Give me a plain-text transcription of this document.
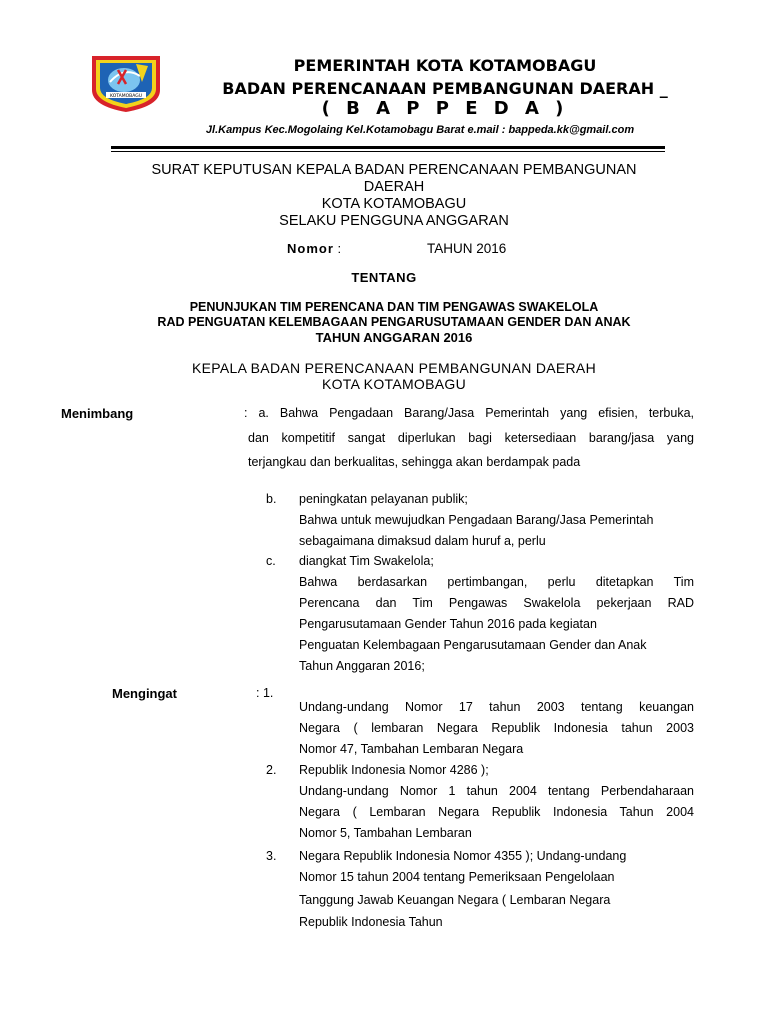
KOTAMOBAGU
PEMERINTAH KOTA KOTAMOBAGU
BADAN PERENCANAAN PEMBANGUNAN DAERAH _
( B A P P E D A )
Jl.Kampus Kec.Mogolaing Kel.Kotamobagu Barat e.mail : bappeda.kk@gmail.com
SURAT KEPUTUSAN KEPALA BADAN PERENCANAAN PEMBANGUNAN
DAERAH
KOTA KOTAMOBAGU
SELAKU PENGGUNA ANGGARAN
Nomor :	TAHUN 2016
TENTANG
PENUNJUKAN TIM PERENCANA DAN TIM PENGAWAS SWAKELOLA
RAD PENGUATAN KELEMBAGAAN PENGARUSUTAMAAN GENDER DAN ANAK
TAHUN ANGGARAN 2016
KEPALA BADAN PERENCANAAN PEMBANGUNAN DAERAH
KOTA KOTAMOBAGU
Menimbang	: a. Bahwa Pengadaan Barang/Jasa Pemerintah yang efisien, terbuka,
dan kompetitif sangat diperlukan bagi ketersediaan barang/jasa yang
terjangkau dan berkualitas, sehingga akan berdampak pada
b. peningkatan pelayanan publik;
Bahwa untuk mewujudkan Pengadaan Barang/Jasa Pemerintah
sebagaimana dimaksud dalam huruf a, perlu
c. diangkat Tim Swakelola;
Bahwa berdasarkan pertimbangan, perlu ditetapkan Tim
Perencana dan Tim Pengawas Swakelola pekerjaan RAD
Pengarusutamaan Gender Tahun 2016 pada kegiatan
Penguatan Kelembagaan Pengarusutamaan Gender dan Anak
Tahun Anggaran 2016;
Mengingat	: 1.
Undang-undang Nomor 17 tahun 2003 tentang keuangan
Negara ( lembaran Negara Republik Indonesia tahun 2003
Nomor 47, Tambahan Lembaran Negara
2. Republik Indonesia Nomor 4286 );
Undang-undang Nomor 1 tahun 2004 tentang Perbendaharaan
Negara ( Lembaran Negara Republik Indonesia Tahun 2004
Nomor 5, Tambahan Lembaran
3. Negara Republik Indonesia Nomor 4355 ); Undang-undang
Nomor 15 tahun 2004 tentang Pemeriksaan Pengelolaan
Tanggung Jawab Keuangan Negara ( Lembaran Negara
Republik Indonesia Tahun
